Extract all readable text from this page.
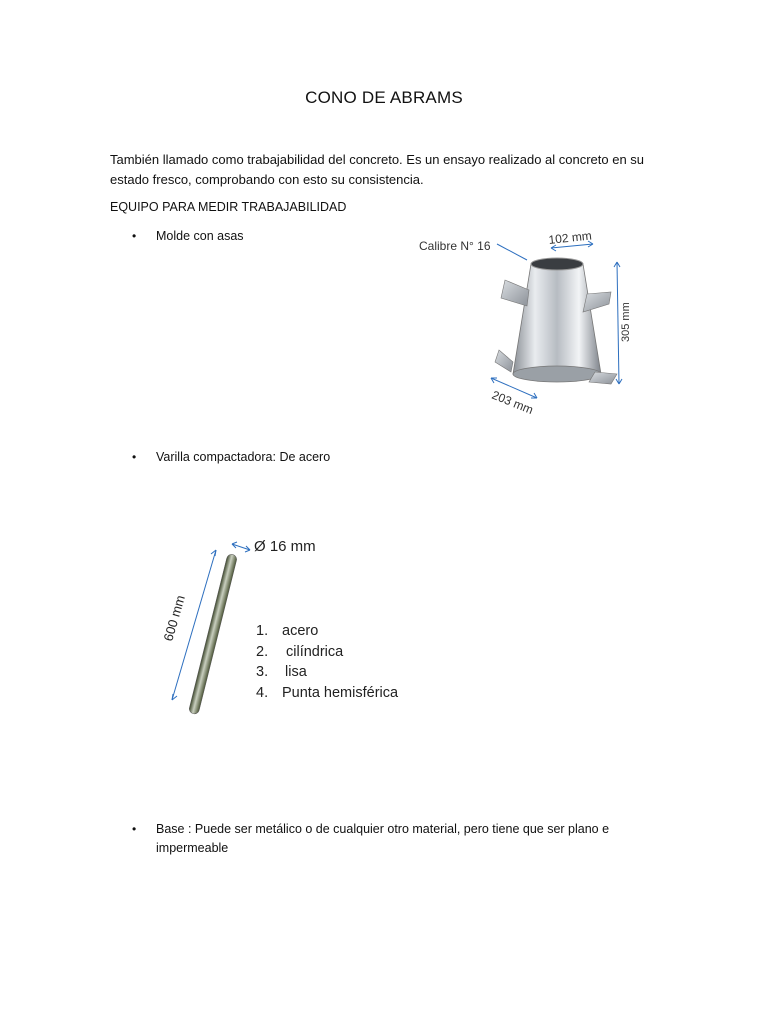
CONO DE ABRAMS
También llamado como trabajabilidad del concreto. Es un ensayo realizado al concreto en su estado fresco, comprobando con esto su consistencia.
EQUIPO PARA MEDIR TRABAJABILIDAD
• Molde con asas
Calibre N° 16	102 mm
305 mm
203 mm
• Varilla compactadora: De acero
Ø 16 mm
600 mm	1. acero
2. cilíndrica
3. lisa
4. Punta hemisférica
• Base : Puede ser metálico o de cualquier otro material, pero tiene que ser plano e impermeable
